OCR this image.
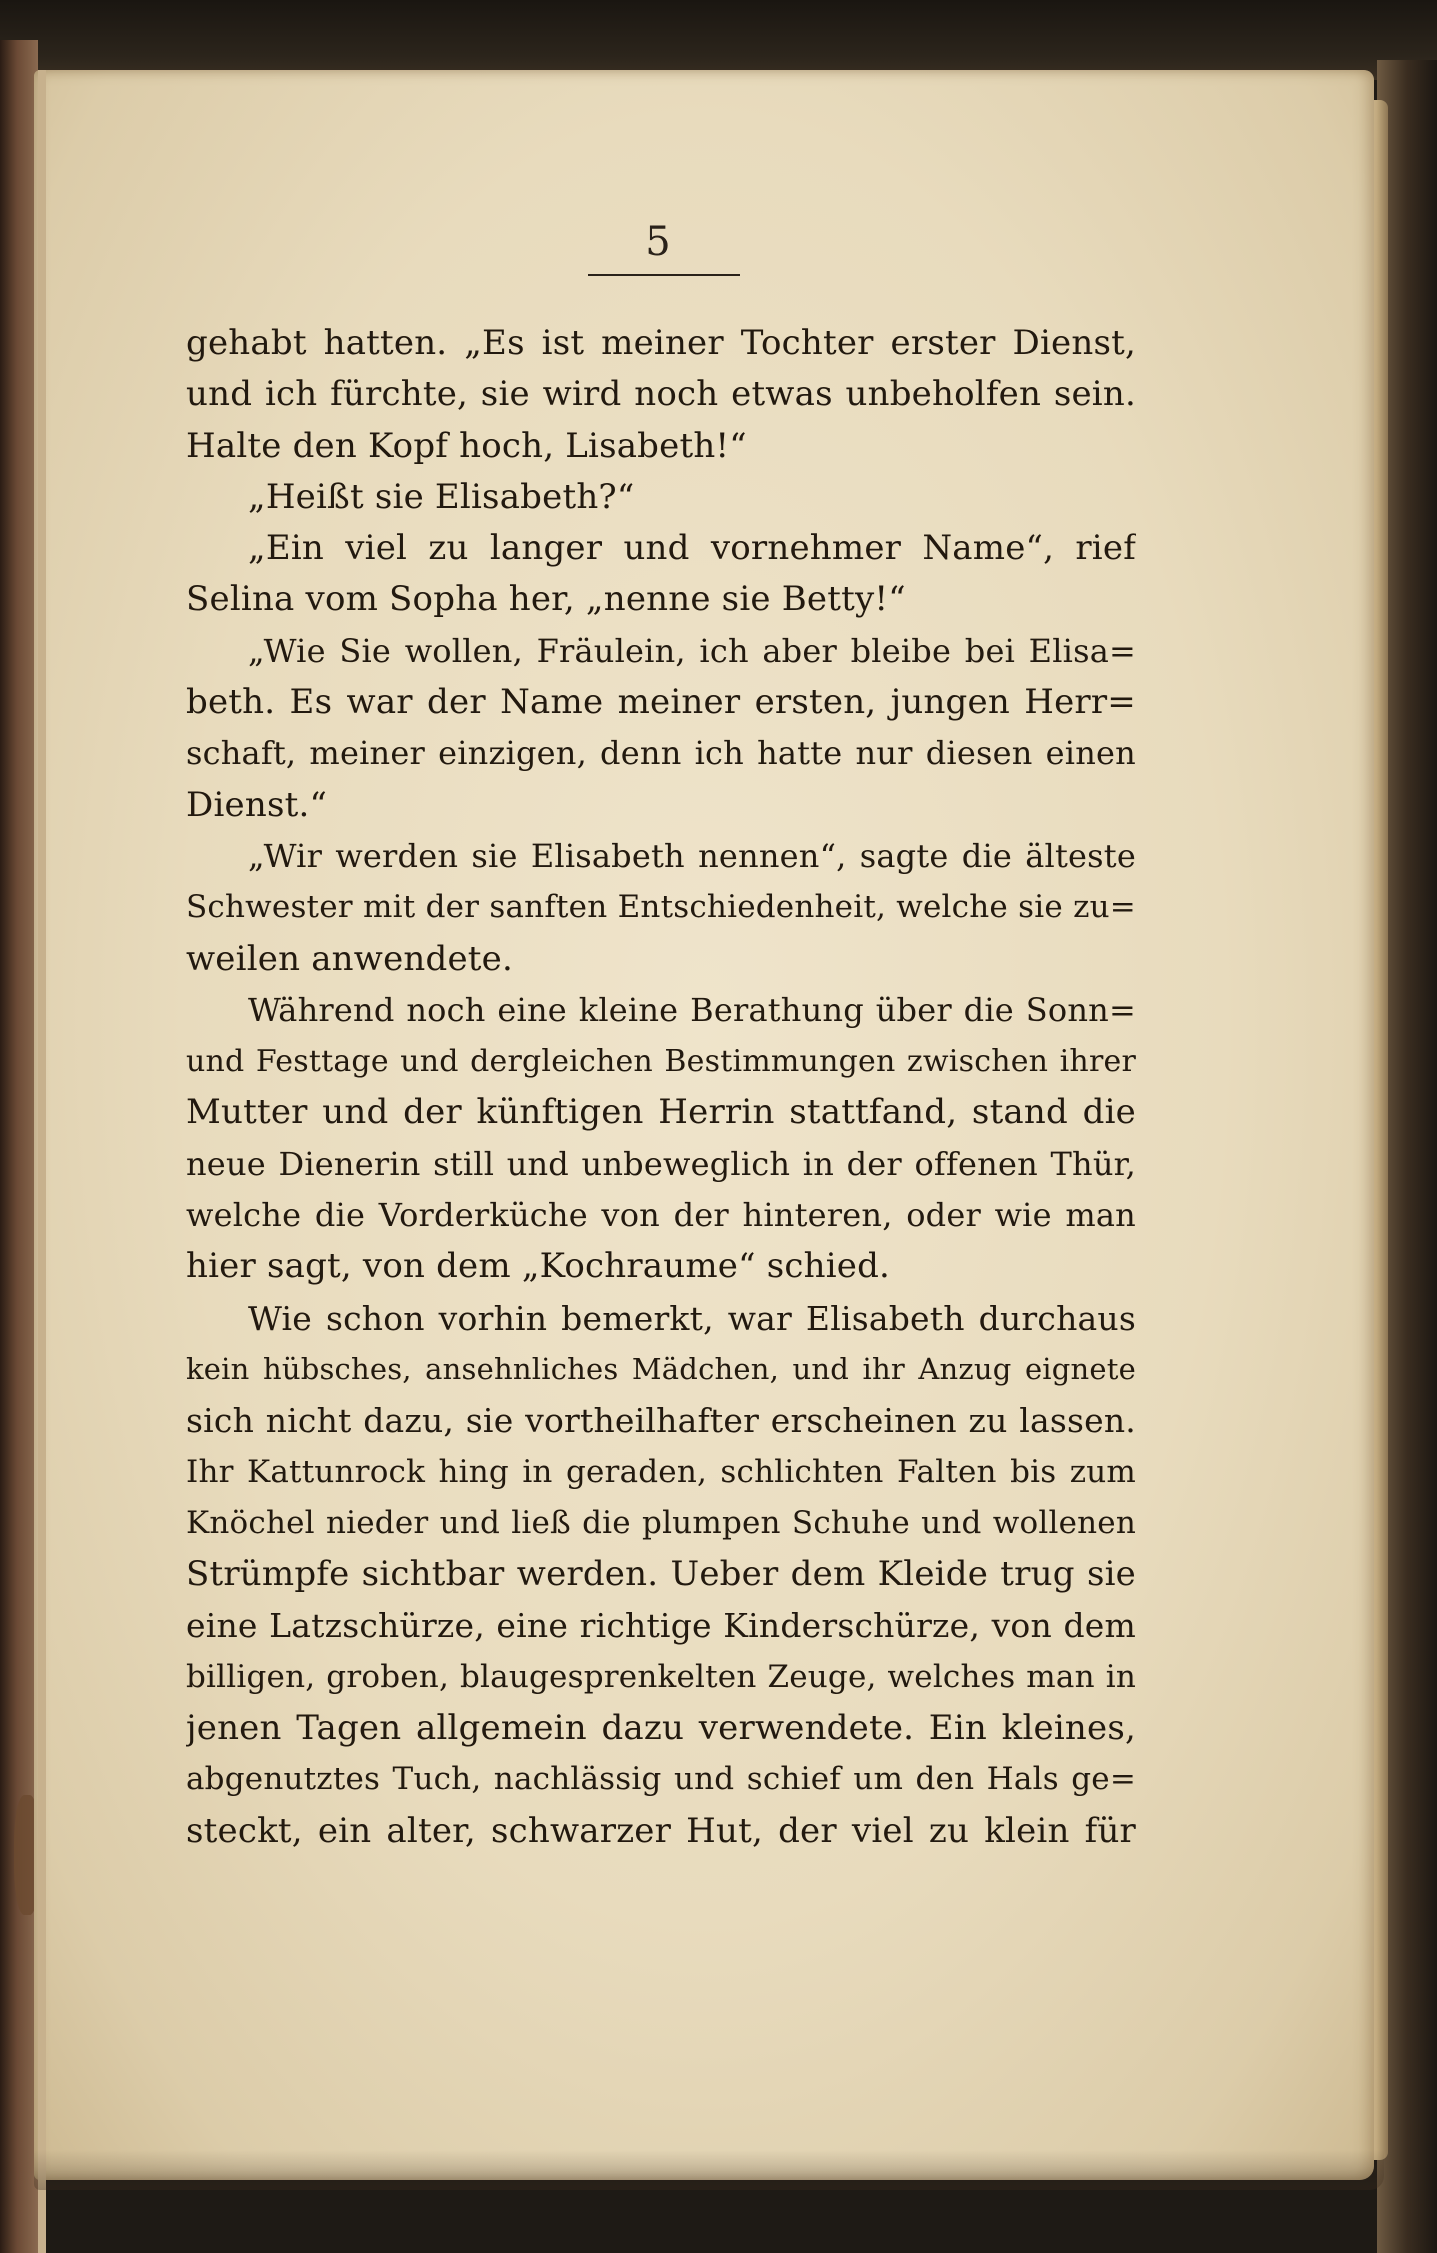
5
gehabt hatten. „Es ist meiner Tochter erster Dienst,
und ich fürchte, sie wird noch etwas unbeholfen sein.
Halte den Kopf hoch, Lisabeth!“
„Heißt sie Elisabeth?“
„Ein viel zu langer und vornehmer Name“, rief
Selina vom Sopha her, „nenne sie Betty!“
„Wie Sie wollen, Fräulein, ich aber bleibe bei Elisa=
beth. Es war der Name meiner ersten, jungen Herr=
schaft, meiner einzigen, denn ich hatte nur diesen einen
Dienst.“
„Wir werden sie Elisabeth nennen“, sagte die älteste
Schwester mit der sanften Entschiedenheit, welche sie zu=
weilen anwendete.
Während noch eine kleine Berathung über die Sonn=
und Festtage und dergleichen Bestimmungen zwischen ihrer
Mutter und der künftigen Herrin stattfand, stand die
neue Dienerin still und unbeweglich in der offenen Thür,
welche die Vorderküche von der hinteren, oder wie man
hier sagt, von dem „Kochraume“ schied.
Wie schon vorhin bemerkt, war Elisabeth durchaus
kein hübsches, ansehnliches Mädchen, und ihr Anzug eignete
sich nicht dazu, sie vortheilhafter erscheinen zu lassen.
Ihr Kattunrock hing in geraden, schlichten Falten bis zum
Knöchel nieder und ließ die plumpen Schuhe und wollenen
Strümpfe sichtbar werden. Ueber dem Kleide trug sie
eine Latzschürze, eine richtige Kinderschürze, von dem
billigen, groben, blaugesprenkelten Zeuge, welches man in
jenen Tagen allgemein dazu verwendete. Ein kleines,
abgenutztes Tuch, nachlässig und schief um den Hals ge=
steckt, ein alter, schwarzer Hut, der viel zu klein für
